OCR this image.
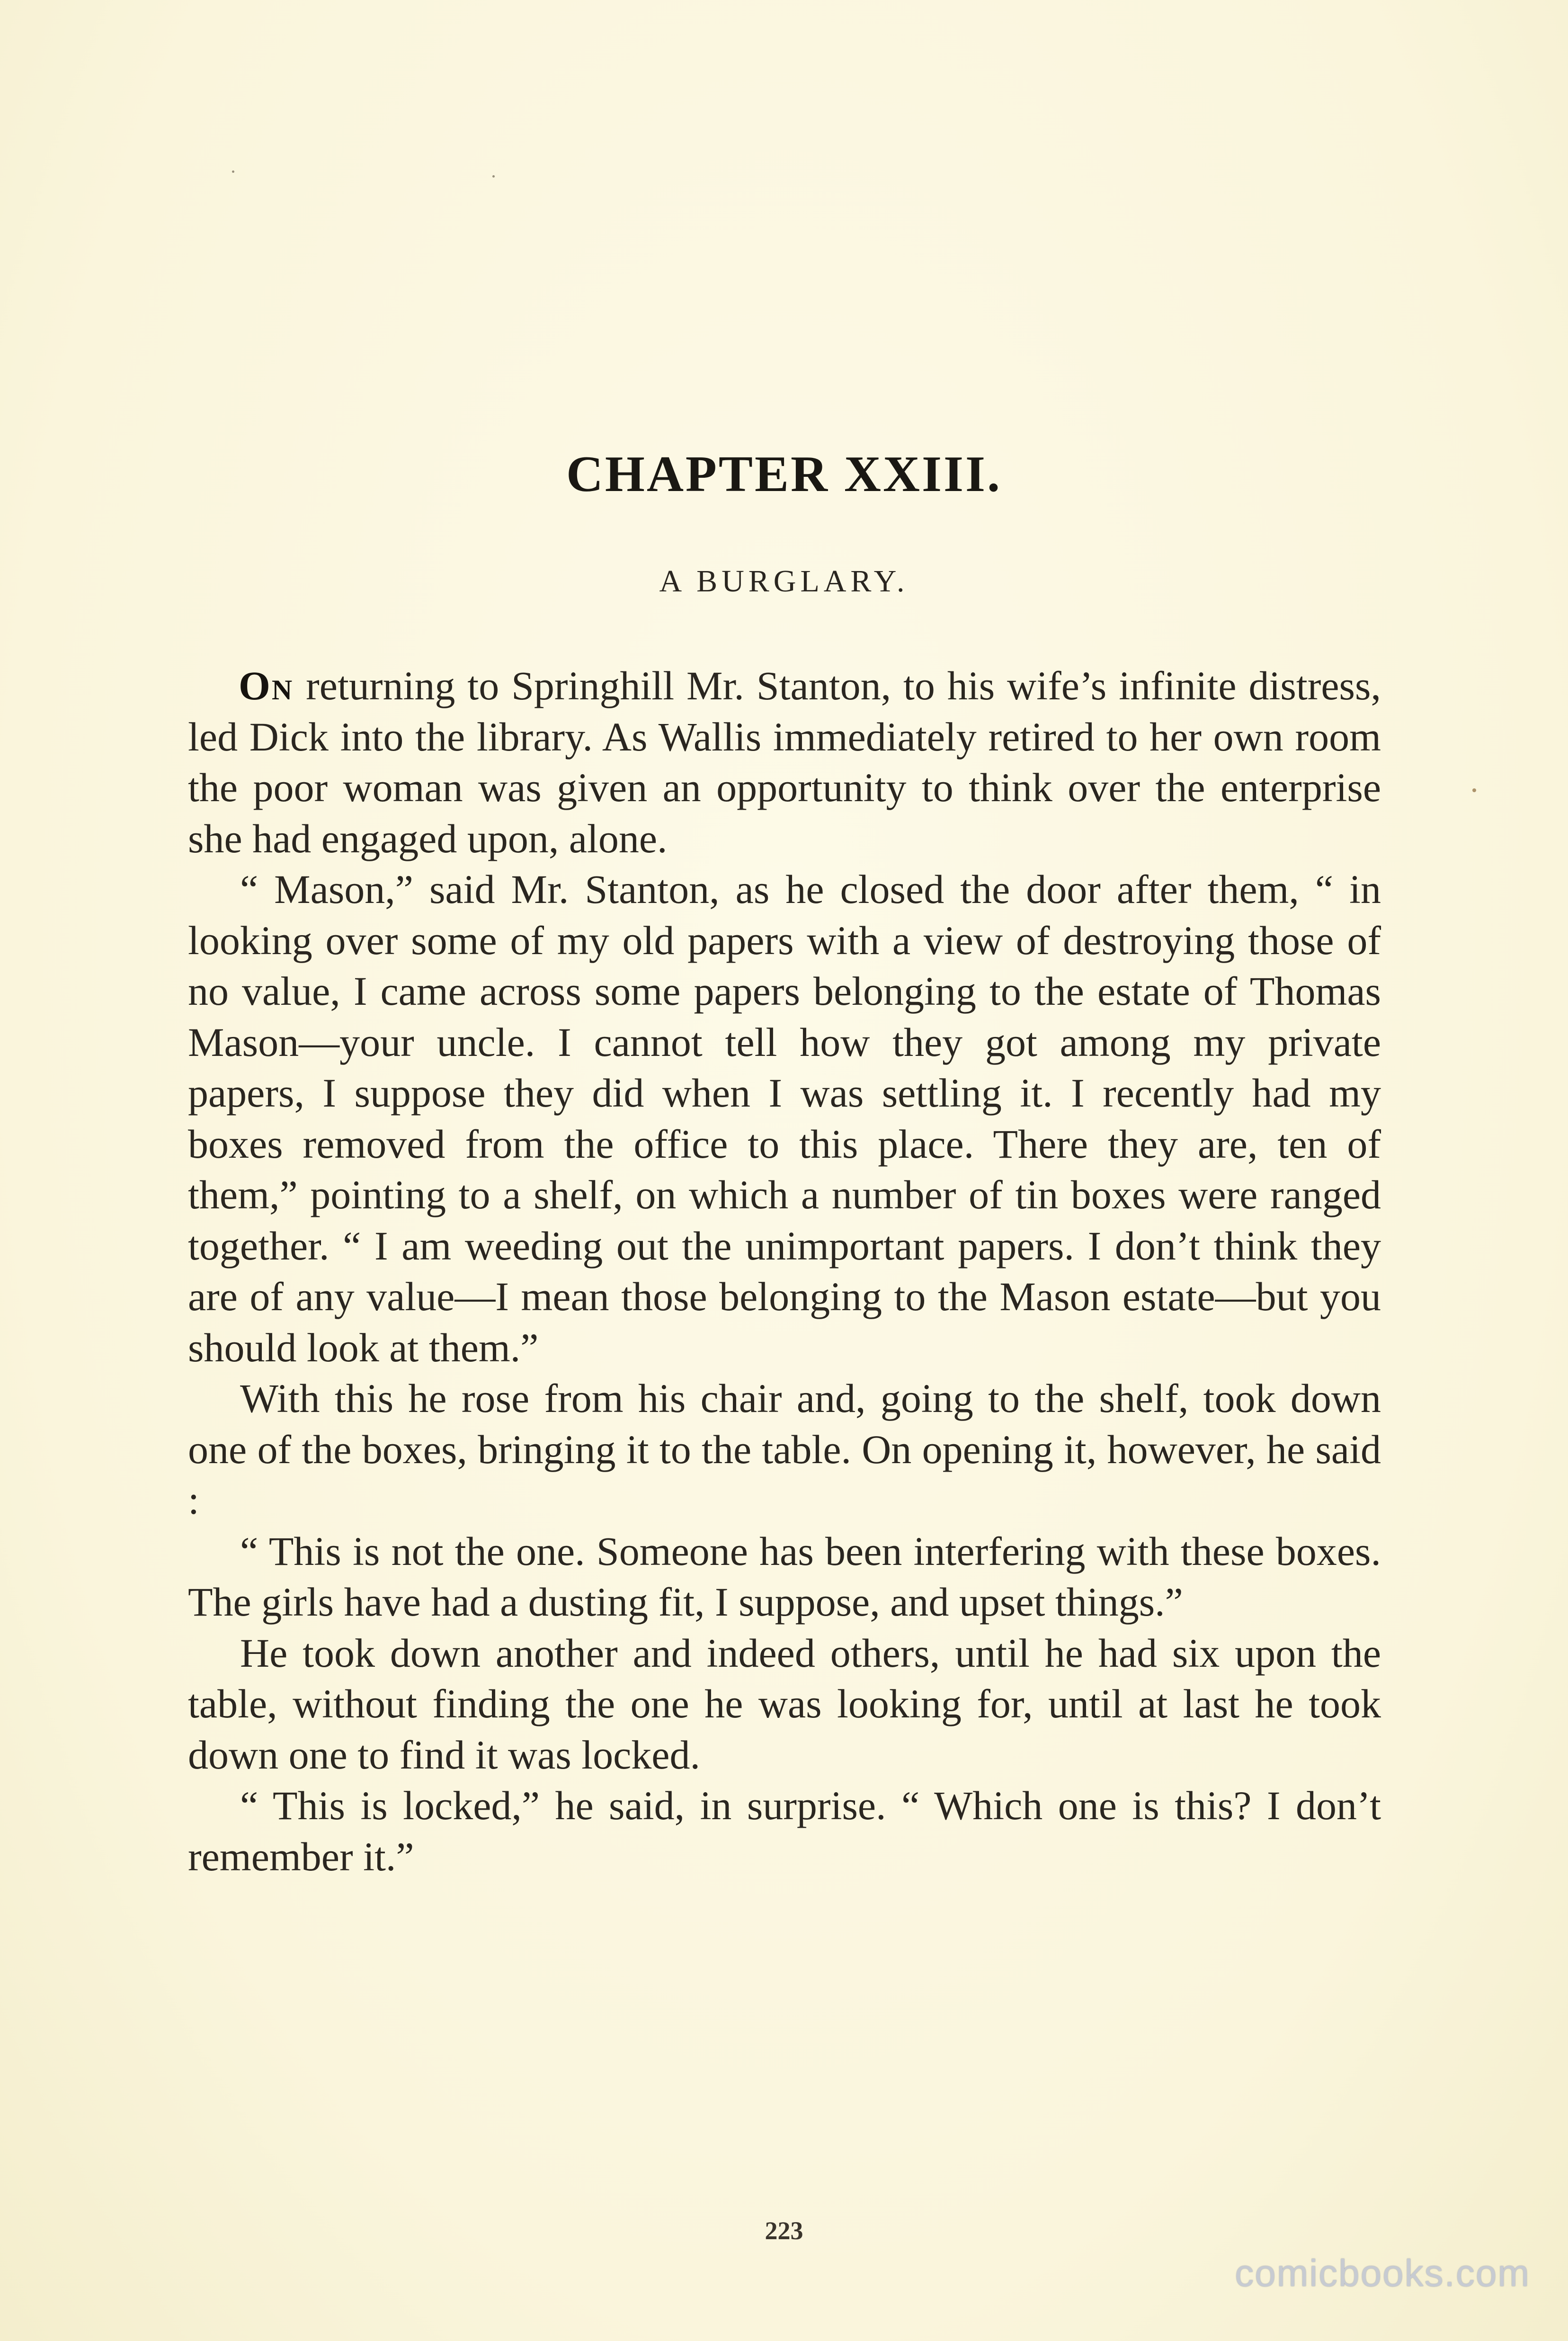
CHAPTER XXIII.
A BURGLARY.

On returning to Springhill Mr. Stanton, to his wife’s infinite distress, led Dick into the library. As Wallis immediately retired to her own room the poor woman was given an opportunity to think over the enterprise she had engaged upon, alone.

“ Mason,” said Mr. Stanton, as he closed the door after them, “ in looking over some of my old papers with a view of destroying those of no value, I came across some papers belonging to the estate of Thomas Mason—your uncle. I cannot tell how they got among my private papers, I suppose they did when I was settling it. I recently had my boxes removed from the office to this place. There they are, ten of them,” pointing to a shelf, on which a number of tin boxes were ranged together. “ I am weeding out the unimportant papers. I don’t think they are of any value—I mean those belonging to the Mason estate—but you should look at them.”

With this he rose from his chair and, going to the shelf, took down one of the boxes, bringing it to the table. On opening it, however, he said :

“ This is not the one. Someone has been interfering with these boxes. The girls have had a dusting fit, I suppose, and upset things.”

He took down another and indeed others, until he had six upon the table, without finding the one he was looking for, until at last he took down one to find it was locked.

“ This is locked,” he said, in surprise. “ Which one is this? I don’t remember it.”

223
comicbooks.com
